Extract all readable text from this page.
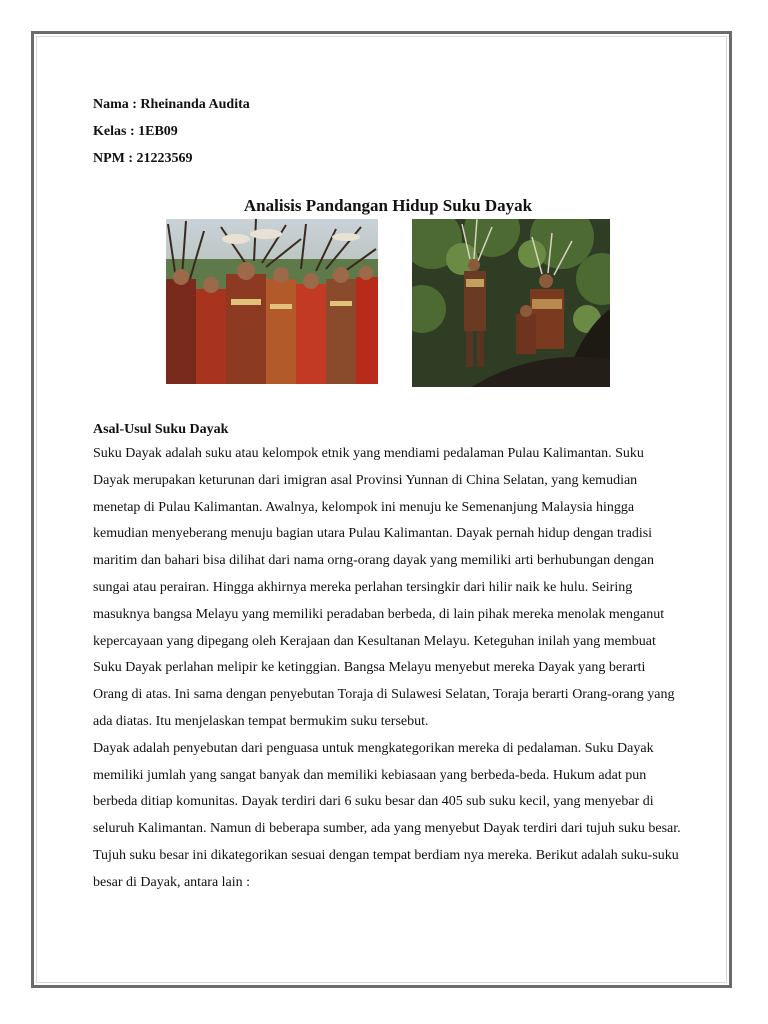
Nama : Rheinanda Audita
Kelas : 1EB09
NPM : 21223569
Analisis Pandangan Hidup Suku Dayak
Asal-Usul Suku Dayak

Suku Dayak adalah suku atau kelompok etnik yang mendiami pedalaman Pulau Kalimantan. Suku Dayak merupakan keturunan dari imigran asal Provinsi Yunnan di China Selatan, yang kemudian menetap di Pulau Kalimantan. Awalnya, kelompok ini menuju ke Semenanjung Malaysia hingga kemudian menyeberang menuju bagian utara Pulau Kalimantan. Dayak pernah hidup dengan tradisi maritim dan bahari bisa dilihat dari nama orng-orang dayak yang memiliki arti berhubungan dengan sungai atau perairan. Hingga akhirnya mereka perlahan tersingkir dari hilir naik ke hulu. Seiring masuknya bangsa Melayu yang memiliki peradaban berbeda, di lain pihak mereka menolak menganut kepercayaan yang dipegang oleh Kerajaan dan Kesultanan Melayu. Keteguhan inilah yang membuat Suku Dayak perlahan melipir ke ketinggian. Bangsa Melayu menyebut mereka Dayak yang berarti Orang di atas. Ini sama dengan penyebutan Toraja di Sulawesi Selatan, Toraja berarti Orang-orang yang ada diatas. Itu menjelaskan tempat bermukim suku tersebut.

Dayak adalah penyebutan dari penguasa untuk mengkategorikan mereka di pedalaman. Suku Dayak memiliki jumlah yang sangat banyak dan memiliki kebiasaan yang berbeda-beda. Hukum adat pun berbeda ditiap komunitas. Dayak terdiri dari 6 suku besar dan 405 sub suku kecil, yang menyebar di seluruh Kalimantan. Namun di beberapa sumber, ada yang menyebut Dayak terdiri dari tujuh suku besar. Tujuh suku besar ini dikategorikan sesuai dengan tempat berdiam nya mereka. Berikut adalah suku-suku besar di Dayak, antara lain :
